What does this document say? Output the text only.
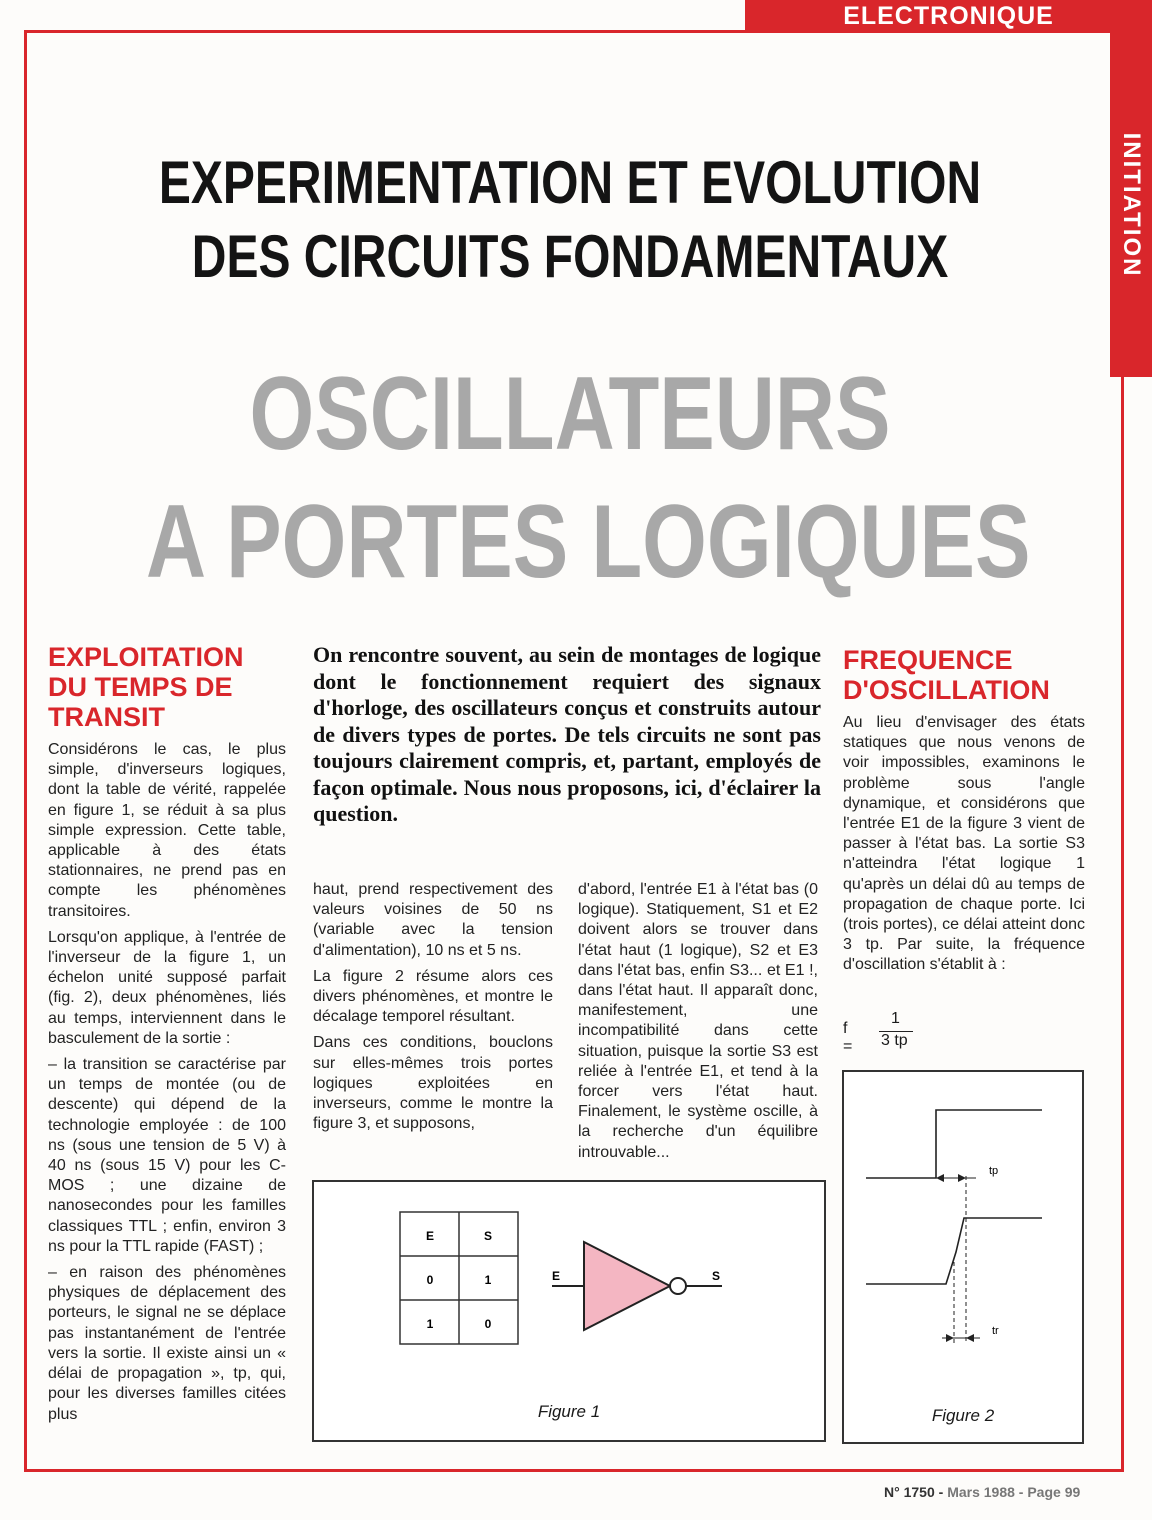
ELECTRONIQUE
INITIATION
EXPERIMENTATION ET EVOLUTION
DES CIRCUITS FONDAMENTAUX
OSCILLATEURS
A PORTES LOGIQUES
EXPLOITATION DU TEMPS DE TRANSIT

Considérons le cas, le plus simple, d'inverseurs logiques, dont la table de vérité, rappelée en figure 1, se réduit à sa plus simple expression. Cette table, applicable à des états stationnaires, ne prend pas en compte les phénomènes transitoires.

Lorsqu'on applique, à l'entrée de l'inverseur de la figure 1, un échelon unité supposé parfait (fig. 2), deux phénomènes, liés au temps, interviennent dans le basculement de la sortie :

– la transition se caractérise par un temps de montée (ou de descente) qui dépend de la technologie employée : de 100 ns (sous une tension de 5 V) à 40 ns (sous 15 V) pour les C-MOS ; une dizaine de nanosecondes pour les familles classiques TTL ; enfin, environ 3 ns pour la TTL rapide (FAST) ;

– en raison des phénomènes physiques de déplacement des porteurs, le signal ne se déplace pas instantanément de l'entrée vers la sortie. Il existe ainsi un « délai de propagation », tp, qui, pour les diverses familles citées plus

On rencontre souvent, au sein de montages de logique dont le fonctionnement requiert des signaux d'horloge, des oscillateurs conçus et construits autour de divers types de portes. De tels circuits ne sont pas toujours clairement compris, et, partant, employés de façon optimale. Nous nous proposons, ici, d'éclairer la question.

haut, prend respectivement des valeurs voisines de 50 ns (variable avec la tension d'alimentation), 10 ns et 5 ns.

La figure 2 résume alors ces divers phénomènes, et montre le décalage temporel résultant.

Dans ces conditions, bouclons sur elles-mêmes trois portes logiques exploitées en inverseurs, comme le montre la figure 3, et supposons,

d'abord, l'entrée E1 à l'état bas (0 logique). Statiquement, S1 et E2 doivent alors se trouver dans l'état haut (1 logique), S2 et E3 dans l'état bas, enfin S3... et E1 !, dans l'état haut. Il apparaît donc, manifestement, une incompatibilité dans cette situation, puisque la sortie S3 est reliée à l'entrée E1, et tend à la forcer vers l'état haut. Finalement, le système oscille, à la recherche d'un équilibre introuvable...

FREQUENCE D'OSCILLATION

Au lieu d'envisager des états statiques que nous venons de voir impossibles, examinons le problème sous l'angle dynamique, et considérons que l'entrée E1 de la figure 3 vient de passer à l'état bas. La sortie S3 n'atteindra l'état logique 1 qu'après un délai dû au temps de propagation de chaque porte. Ici (trois portes), ce délai atteint donc 3 tp. Par suite, la fréquence d'oscillation s'établit à :

f =
1
3 tp
E	S
0	1
1	0
E	S
Figure 1
tp
tr
Figure 2
N° 1750 - Mars 1988 - Page 99
